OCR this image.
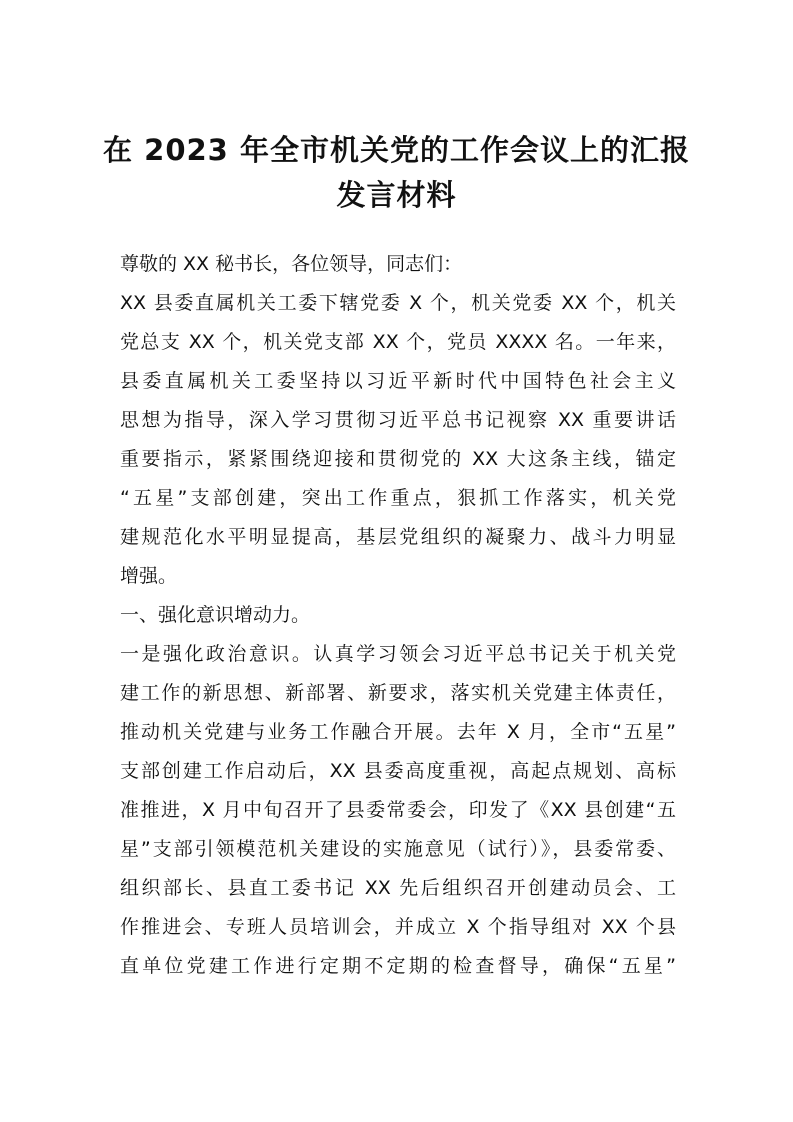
在 2023 年全市机关党的工作会议上的汇报
发言材料
尊敬的 XX 秘书长，各位领导，同志们：
XX 县委直属机关工委下辖党委 X 个，机关党委 XX 个，机关
党总支 XX 个，机关党支部 XX 个，党员 XXXX 名。一年来，
县委直属机关工委坚持以习近平新时代中国特色社会主义
思想为指导，深入学习贯彻习近平总书记视察 XX 重要讲话
重要指示，紧紧围绕迎接和贯彻党的 XX 大这条主线，锚定
“五星”支部创建，突出工作重点，狠抓工作落实，机关党
建规范化水平明显提高，基层党组织的凝聚力、战斗力明显
增强。
一、强化意识增动力。
一是强化政治意识。认真学习领会习近平总书记关于机关党
建工作的新思想、新部署、新要求，落实机关党建主体责任，
推动机关党建与业务工作融合开展。去年 X 月，全市“五星”
支部创建工作启动后，XX 县委高度重视，高起点规划、高标
准推进，X 月中旬召开了县委常委会，印发了《XX 县创建“五
星”支部引领模范机关建设的实施意见（试行）》，县委常委、
组织部长、县直工委书记 XX 先后组织召开创建动员会、工
作推进会、专班人员培训会，并成立 X 个指导组对 XX 个县
直单位党建工作进行定期不定期的检查督导，确保“五星”
